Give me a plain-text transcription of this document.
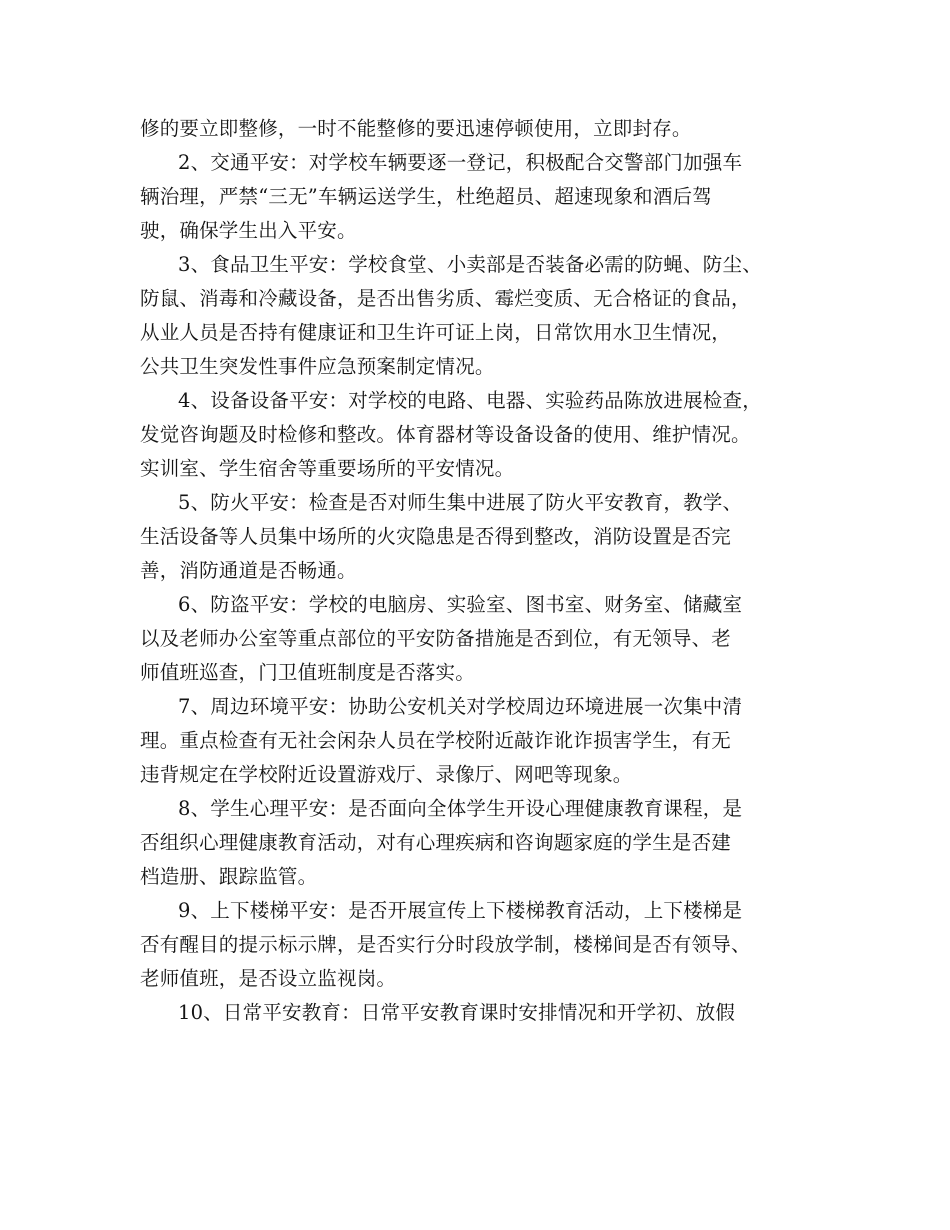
修的要立即整修，一时不能整修的要迅速停顿使用，立即封存。
2、交通平安：对学校车辆要逐一登记，积极配合交警部门加强车
辆治理，严禁“三无”车辆运送学生，杜绝超员、超速现象和酒后驾
驶，确保学生出入平安。
3、食品卫生平安：学校食堂、小卖部是否装备必需的防蝇、防尘、
防鼠、消毒和冷藏设备，是否出售劣质、霉烂变质、无合格证的食品，
从业人员是否持有健康证和卫生许可证上岗，日常饮用水卫生情况，
公共卫生突发性事件应急预案制定情况。
4、设备设备平安：对学校的电路、电器、实验药品陈放进展检查，
发觉咨询题及时检修和整改。体育器材等设备设备的使用、维护情况。
实训室、学生宿舍等重要场所的平安情况。
5、防火平安：检查是否对师生集中进展了防火平安教育，教学、
生活设备等人员集中场所的火灾隐患是否得到整改，消防设置是否完
善，消防通道是否畅通。
6、防盗平安：学校的电脑房、实验室、图书室、财务室、储藏室
以及老师办公室等重点部位的平安防备措施是否到位，有无领导、老
师值班巡查，门卫值班制度是否落实。
7、周边环境平安：协助公安机关对学校周边环境进展一次集中清
理。重点检查有无社会闲杂人员在学校附近敲诈讹诈损害学生，有无
违背规定在学校附近设置游戏厅、录像厅、网吧等现象。
8、学生心理平安：是否面向全体学生开设心理健康教育课程，是
否组织心理健康教育活动，对有心理疾病和咨询题家庭的学生是否建
档造册、跟踪监管。
9、上下楼梯平安：是否开展宣传上下楼梯教育活动，上下楼梯是
否有醒目的提示标示牌，是否实行分时段放学制，楼梯间是否有领导、
老师值班，是否设立监视岗。
10、日常平安教育：日常平安教育课时安排情况和开学初、放假
